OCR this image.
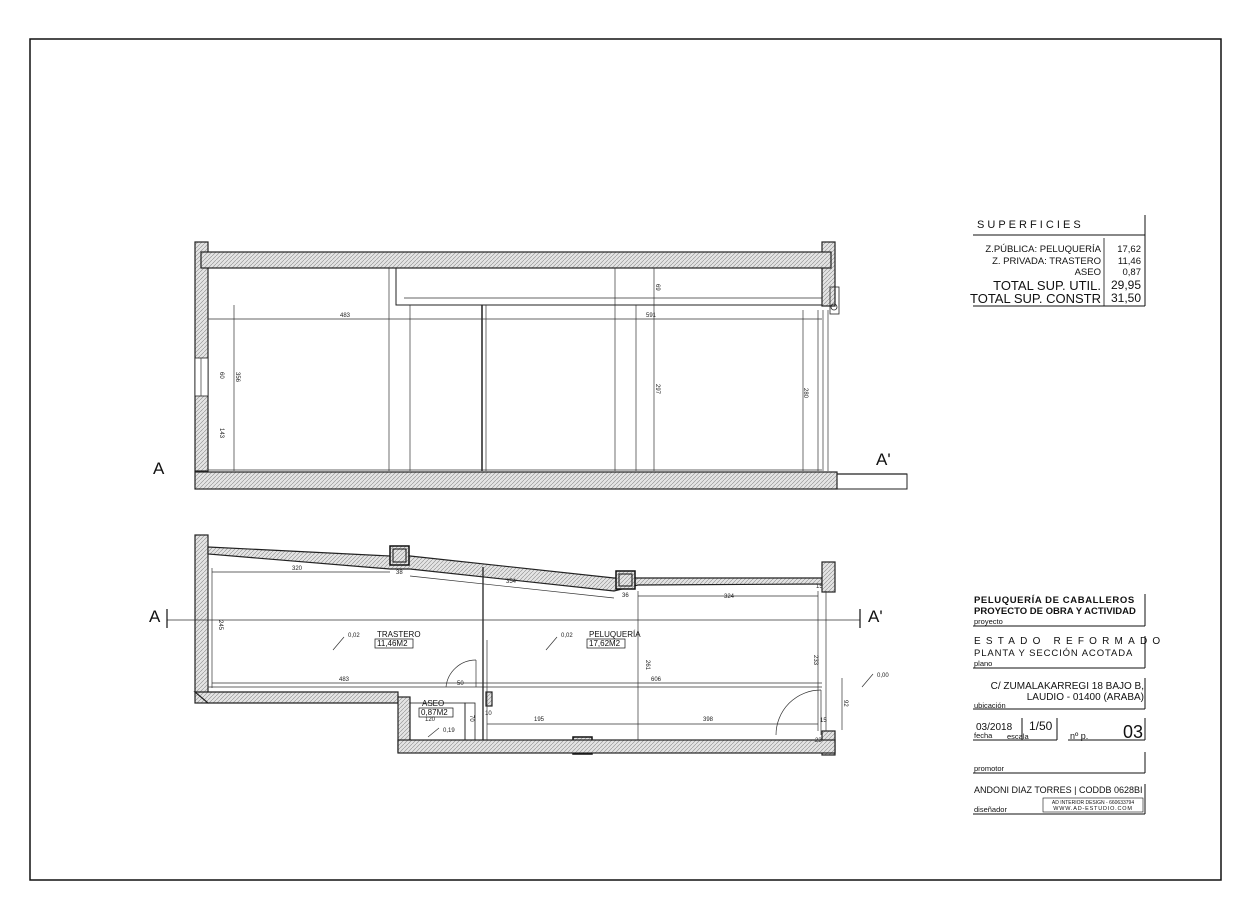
483	591
356
60
143
69
297	280
A	A'
A	A'
0,02 TRASTERO
11,46M2
0,02 PELUQUERÍA
17,62M2
ASEO
0,87M2
0,19
0,00
320
38
354
36	324
15
483
50
606
120
10
195	398	15
23
245
261	233
70
92
S U P E R F I C I E S
Z.PÚBLICA: PELUQUERÍA 17,62
Z. PRIVADA: TRASTERO 11,46
ASEO 0,87
TOTAL SUP. UTIL. 29,95
TOTAL SUP. CONSTR 31,50
PELUQUERÍA DE CABALLEROS
PROYECTO DE OBRA Y ACTIVIDAD
proyecto
ESTADO REFORMADO
PLANTA Y SECCIÓN ACOTADA
plano
C/ ZUMALAKARREGI 18 BAJO B,
LAUDIO - 01400 (ARABA)
ubicación
03/2018
fecha
1/50
escala	nº p. 03
promotor
ANDONI DIAZ TORRES | CODDB 0628BI
AD INTERIOR DESIGN - 660633794
WWW.AD-ESTUDIO.COM
diseñador
